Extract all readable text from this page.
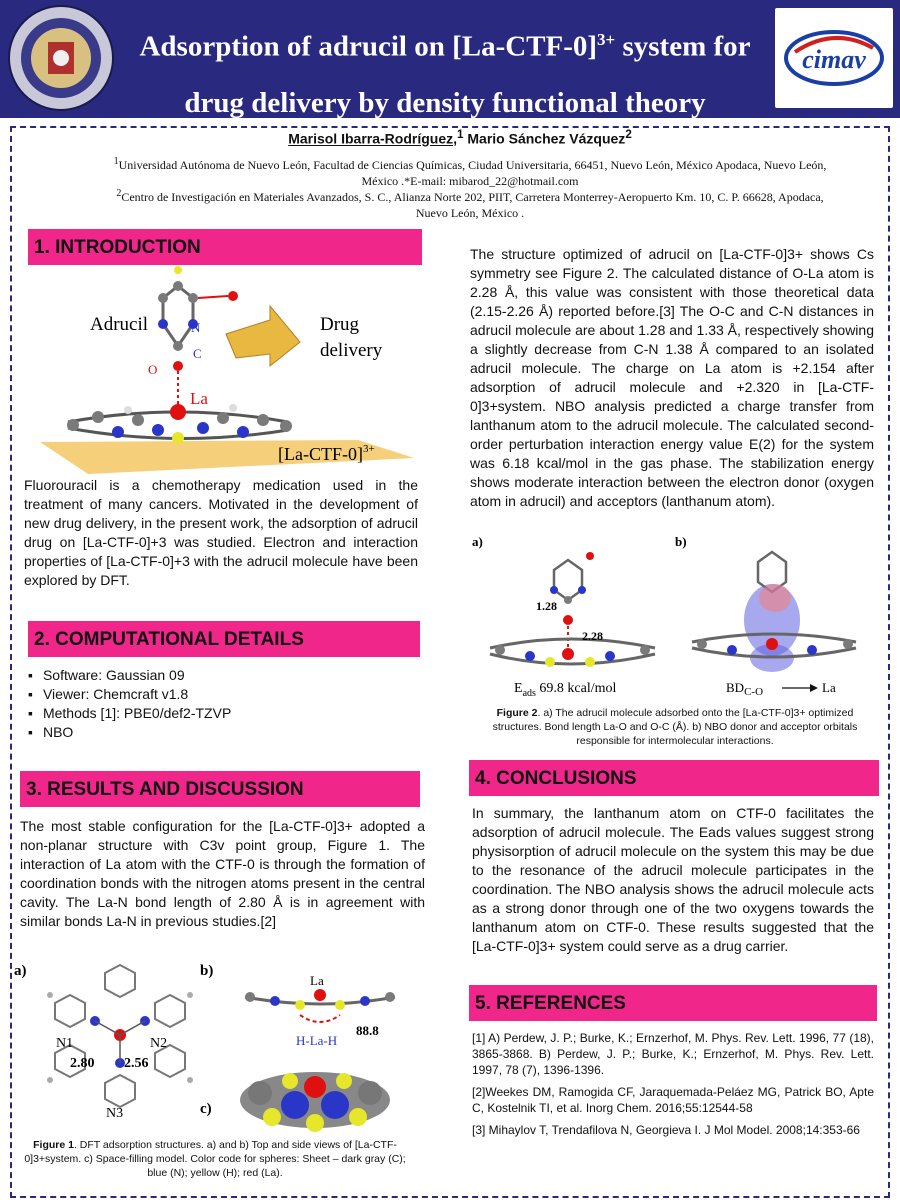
cimav
Adsorption of adrucil on $[La-CTF-0]^{3+}$ system for
drug delivery by density functional theory
Marisol Ibarra-Rodríguez,$^1$ Mario Sánchez Vázquez$^2$
$^1$Universidad Autónoma de Nuevo León, Facultad de Ciencias Químicas, Ciudad Universitaria, 66451, Nuevo León, México Apodaca, Nuevo León, México .*E-mail: mibarod_22@hotmail.com
$^2$Centro de Investigación en Materiales Avanzados, S. C., Alianza Norte 202, PIIT, Carretera Monterrey-Aeropuerto Km. 10, C. P. 66628, Apodaca, Nuevo León, México .
1. INTRODUCTION
Adrucil	N
C
O
La
Drug
delivery
$[La-CTF-0]^{3+}$
Fluorouracil is a chemotherapy medication used in the treatment of many cancers. Motivated in the development of new drug delivery, in the present work, the adsorption of adrucil drug on [La-CTF-0]+3 was studied. Electron and interaction properties of [La-CTF-0]+3 with the adrucil molecule have been explored by DFT.
2. COMPUTATIONAL DETAILS
▪ Software: Gaussian 09
▪ Viewer: Chemcraft v1.8
▪ Methods [1]: PBE0/def2-TZVP
▪ NBO
3. RESULTS AND DISCUSSION
The most stable configuration for the [La-CTF-0]3+ adopted a non-planar structure with C3v point group, Figure 1. The interaction of La atom with the CTF-0 is through the formation of coordination bonds with the nitrogen atoms present in the central cavity. The La-N bond length of 2.80 Å is in agreement with similar bonds La-N in previous studies.[2]
a)	b)
c)
N1	N2
N3
2.80 2.56
La
H-La-H
88.8
Figure 1. DFT adsorption structures. a) and b) Top and side views of [La-CTF-0]3+system. c) Space-filling model. Color code for spheres: Sheet – dark gray (C); blue (N); yellow (H); red (La).
The structure optimized of adrucil on [La-CTF-0]3+ shows Cs symmetry see Figure 2. The calculated distance of O-La atom is 2.28 Å, this value was consistent with those theoretical data (2.15-2.26 Å) reported before.[3] The O-C and C-N distances in adrucil molecule are about 1.28 and 1.33 Å, respectively showing a slightly decrease from C-N 1.38 Å compared to an isolated adrucil molecule. The charge on La atom is +2.154 after adsorption of adrucil molecule and +2.320 in [La-CTF-0]3+system. NBO analysis predicted a charge transfer from lanthanum atom to the adrucil molecule. The calculated second-order perturbation interaction energy value E(2) for the system was 6.18 kcal/mol in the gas phase. The stabilization energy shows moderate interaction between the electron donor (oxygen atom in adrucil) and acceptors (lanthanum atom).
a)	b)
1.28
2.28
$E_{ads}$ 69.8 kcal/mol	$BD_{C-O}$	La
Figure 2. a) The adrucil molecule adsorbed onto the [La-CTF-0]3+ optimized structures. Bond length La-O and O-C (Å). b) NBO donor and acceptor orbitals responsible for intermolecular interactions.
4. CONCLUSIONS
In summary, the lanthanum atom on CTF-0 facilitates the adsorption of adrucil molecule. The Eads values suggest strong physisorption of adrucil molecule on the system this may be due to the resonance of the adrucil molecule participates in the coordination. The NBO analysis shows the adrucil molecule acts as a strong donor through one of the two oxygens towards the lanthanum atom on CTF-0. These results suggested that the [La-CTF-0]3+ system could serve as a drug carrier.
5. REFERENCES

[1] A) Perdew, J. P.; Burke, K.; Ernzerhof, M. Phys. Rev. Lett. 1996, 77 (18), 3865-3868. B) Perdew, J. P.; Burke, K.; Ernzerhof, M. Phys. Rev. Lett. 1997, 78 (7), 1396-1396.

[2]Weekes DM, Ramogida CF, Jaraquemada-Peláez MG, Patrick BO, Apte C, Kostelnik TI, et al. Inorg Chem. 2016;55:12544-58

[3] Mihaylov T, Trendafilova N, Georgieva I. J Mol Model. 2008;14:353-66
